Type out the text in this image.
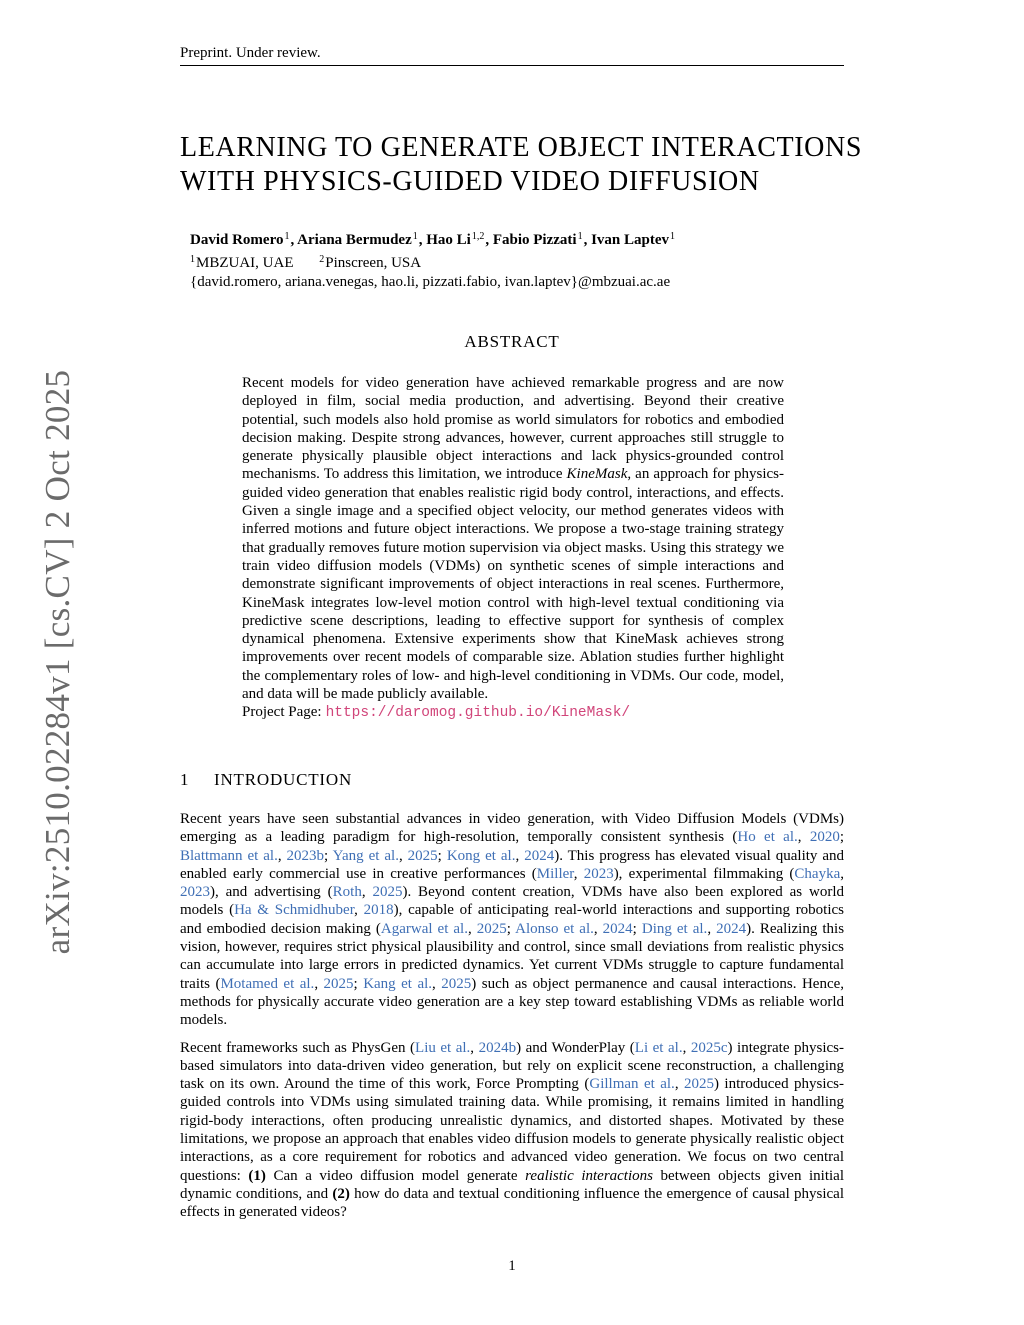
Preprint. Under review.
arXiv:2510.02284v1 [cs.CV] 2 Oct 2025
LEARNING TO GENERATE OBJECT INTERACTIONS
WITH PHYSICS-GUIDED VIDEO DIFFUSION
David Romero$^1$, Ariana Bermudez$^1$, Hao Li$^{1,2}$, Fabio Pizzati$^1$, Ivan Laptev$^1$
$^1$MBZUAI, UAE	$^2$Pinscreen, USA
{david.romero, ariana.venegas, hao.li, pizzati.fabio, ivan.laptev}@mbzuai.ac.ae
ABSTRACT
Recent models for video generation have achieved remarkable progress and are now deployed in film, social media production, and advertising. Beyond their creative potential, such models also hold promise as world simulators for robotics and embodied decision making. Despite strong advances, however, current approaches still struggle to generate physically plausible object interactions and lack physics-grounded control mechanisms. To address this limitation, we introduce KineMask, an approach for physics-guided video generation that enables realistic rigid body control, interactions, and effects. Given a single image and a specified object velocity, our method generates videos with inferred motions and future object interactions. We propose a two-stage training strategy that gradually removes future motion supervision via object masks. Using this strategy we train video diffusion models (VDMs) on synthetic scenes of simple interactions and demonstrate significant improvements of object interactions in real scenes. Furthermore, KineMask integrates low-level motion control with high-level textual conditioning via predictive scene descriptions, leading to effective support for synthesis of complex dynamical phenomena. Extensive experiments show that KineMask achieves strong improvements over recent models of comparable size. Ablation studies further highlight the complementary roles of low- and high-level conditioning in VDMs. Our code, model, and data will be made publicly available.
Project Page: https://daromog.github.io/KineMask/
1 INTRODUCTION

Recent years have seen substantial advances in video generation, with Video Diffusion Models (VDMs) emerging as a leading paradigm for high-resolution, temporally consistent synthesis (Ho et al., 2020; Blattmann et al., 2023b; Yang et al., 2025; Kong et al., 2024). This progress has elevated visual quality and enabled early commercial use in creative performances (Miller, 2023), experimental filmmaking (Chayka, 2023), and advertising (Roth, 2025). Beyond content creation, VDMs have also been explored as world models (Ha & Schmidhuber, 2018), capable of anticipating real-world interactions and supporting robotics and embodied decision making (Agarwal et al., 2025; Alonso et al., 2024; Ding et al., 2024). Realizing this vision, however, requires strict physical plausibility and control, since small deviations from realistic physics can accumulate into large errors in predicted dynamics. Yet current VDMs struggle to capture fundamental traits (Motamed et al., 2025; Kang et al., 2025) such as object permanence and causal interactions. Hence, methods for physically accurate video generation are a key step toward establishing VDMs as reliable world models.

Recent frameworks such as PhysGen (Liu et al., 2024b) and WonderPlay (Li et al., 2025c) integrate physics-based simulators into data-driven video generation, but rely on explicit scene reconstruction, a challenging task on its own. Around the time of this work, Force Prompting (Gillman et al., 2025) introduced physics-guided controls into VDMs using simulated training data. While promising, it remains limited in handling rigid-body interactions, often producing unrealistic dynamics, and distorted shapes. Motivated by these limitations, we propose an approach that enables video diffusion models to generate physically realistic object interactions, as a core requirement for robotics and advanced video generation. We focus on two central questions: (1) Can a video diffusion model generate realistic interactions between objects given initial dynamic conditions, and (2) how do data and textual conditioning influence the emergence of causal physical effects in generated videos?

1
